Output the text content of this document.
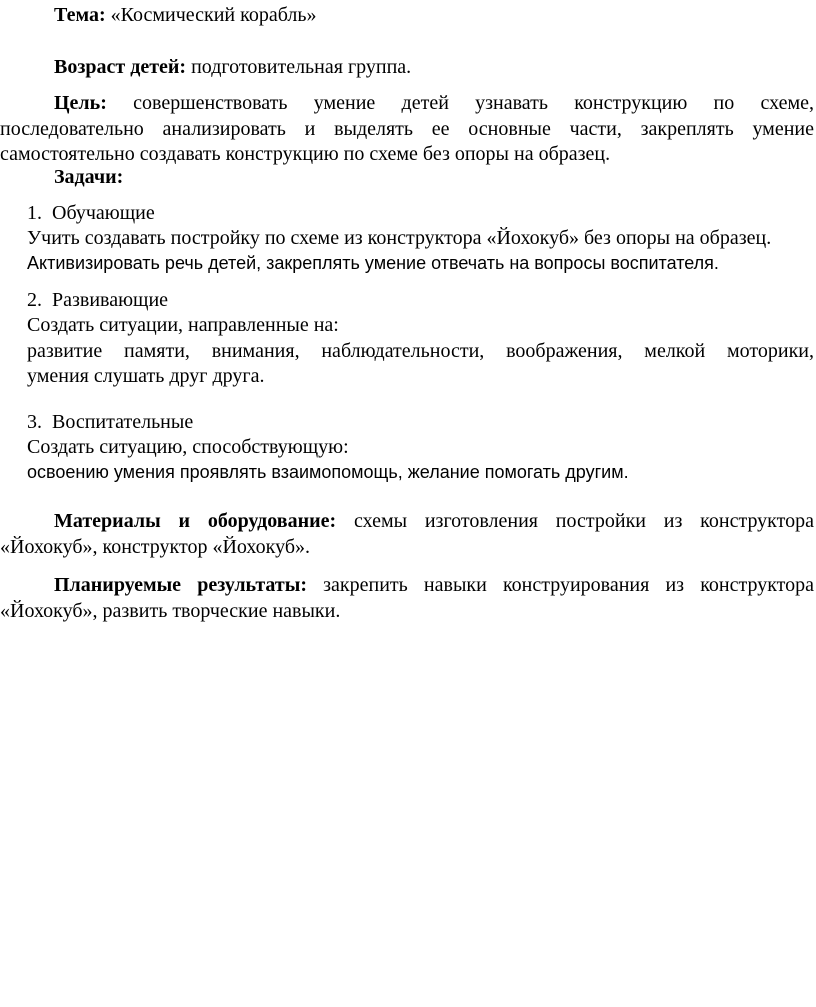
Тема: «Космический корабль»
Возраст детей: подготовительная группа.
Цель: совершенствовать умение детей узнавать конструкцию по схеме,
последовательно анализировать и выделять ее основные части, закреплять умение
самостоятельно создавать конструкцию по схеме без опоры на образец.
Задачи:
1. Обучающие
Учить создавать постройку по схеме из конструктора «Йохокуб» без опоры на образец.
Активизировать речь детей, закреплять умение отвечать на вопросы воспитателя.
2. Развивающие
Создать ситуации, направленные на:
развитие памяти, внимания, наблюдательности, воображения, мелкой моторики,
умения слушать друг друга.
3. Воспитательные
Создать ситуацию, способствующую:
освоению умения проявлять взаимопомощь, желание помогать другим.
Материалы и оборудование: схемы изготовления постройки из конструктора
«Йохокуб», конструктор «Йохокуб».
Планируемые результаты: закрепить навыки конструирования из конструктора
«Йохокуб», развить творческие навыки.
